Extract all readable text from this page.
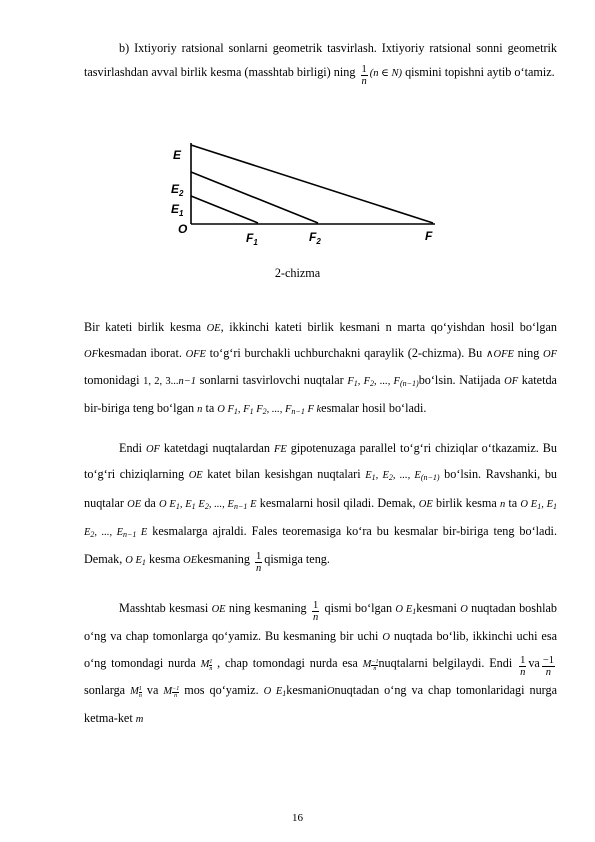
b) Ixtiyoriy ratsional sonlarni geometrik tasvirlash. Ixtiyoriy ratsional sonni geometrik tasvirlashdan avval birlik kesma (masshtab birligi) ning $\frac{1}{n} (n$ ∈ N) qismini topishni aytib o‘tamiz.

E
$E_2$
$E_1$
O
$F_1$	$F_2$	F
2-chizma

Bir kateti birlik kesma OE, ikkinchi kateti birlik kesmani n marta qo‘yishdan hosil bo‘lgan OFkesmadan iborat. OFE to‘g‘ri burchakli uchburchakni qaraylik (2-chizma). Bu ∧OFE ning OF tomonidagi 1, 2, 3...n−1 sonlarni tasvirlovchi nuqtalar F1, F2, ..., F(n−1)bo‘lsin. Natijada OF katetda bir-biriga teng bo‘lgan n ta O F1, F1 F2, ..., Fn−1 F kesmalar hosil bo‘ladi.

Endi OF katetdagi nuqtalardan FE gipotenuzaga parallel to‘g‘ri chiziqlar o‘tkazamiz. Bu to‘g‘ri chiziqlarning OE katet bilan kesishgan nuqtalari E1, E2, ..., E(n−1) bo‘lsin. Ravshanki, bu nuqtalar OE da O E1, E1 E2, ..., En−1 E kesmalarni hosil qiladi. Demak, OE birlik kesma n ta O E1, E1 E2, ..., En−1 E kesmalarga ajraldi. Fales teoremasiga ko‘ra bu kesmalar bir-biriga teng bo‘ladi. Demak, O E1 kesma OEkesmaning $\frac{1}{n}$ qismiga teng.

Masshtab kesmasi OE ning kesmaning $\frac{1}{n}$ qismi bo‘lgan O E1kesmani O nuqtadan boshlab o‘ng va chap tomonlarga qo‘yamiz. Bu kesmaning bir uchi O nuqtada bo‘lib, ikkinchi uchi esa o‘ng tomondagi nurda M $\frac{1}{n}$ , chap tomondagi nurda esa M $\frac{-1}{n}nuqtalarni$ belgilaydi. Endi $\frac{1}{n}$ va $\frac{-1}{n}$
sonlarga M $\frac{1}{n}$ va M $\frac{-1}{n}$ mos qo‘yamiz. O E1kesmaniOnuqtadan o‘ng va chap tomonlaridagi nurga ketma-ket m

16
